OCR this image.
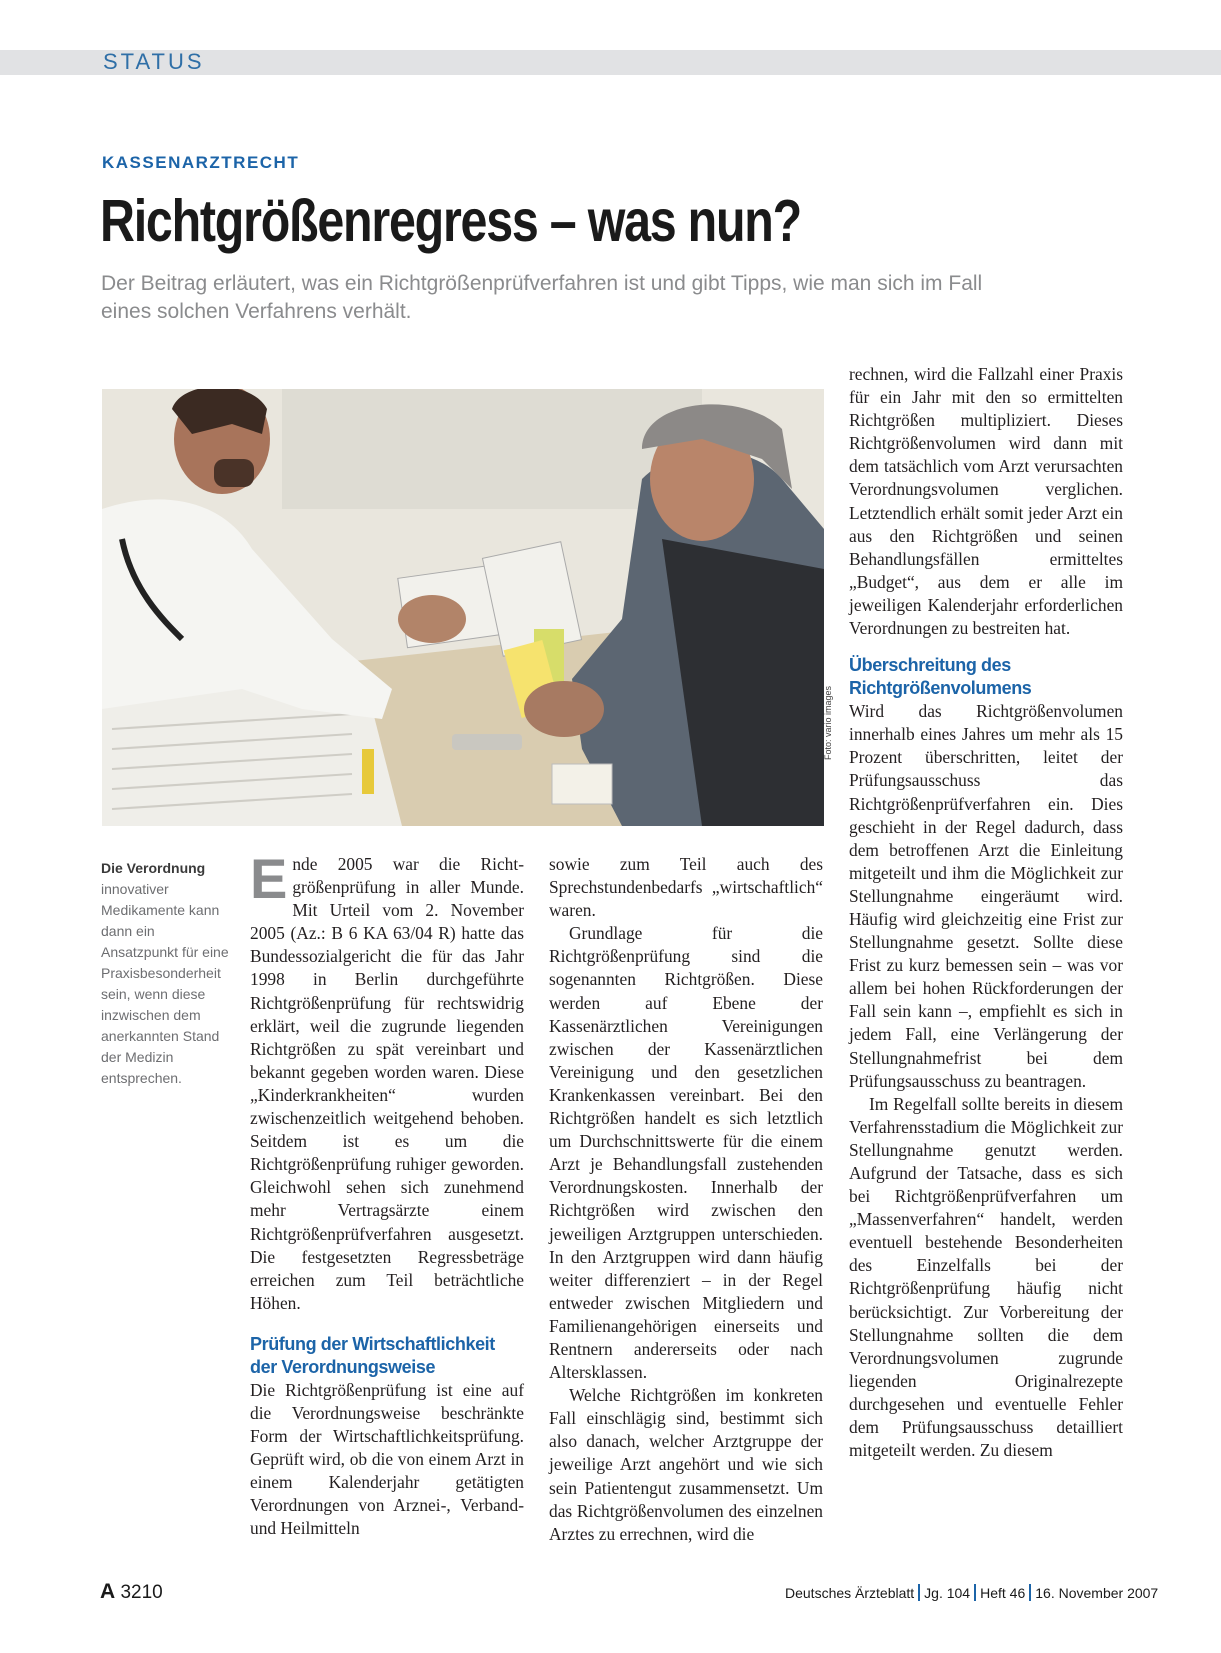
STATUS
KASSENARZTRECHT
Richtgrößenregress – was nun?
Der Beitrag erläutert, was ein Richtgrößenprüfverfahren ist und gibt Tipps, wie man sich im Fall eines solchen Verfahrens verhält.
Foto: vario images
Die Verordnung
innovativer Medikamente kann dann ein Ansatzpunkt für eine Praxisbesonderheit sein, wenn diese inzwischen dem anerkannten Stand der Medizin entsprechen.
E nde 2005 war die Richtgrößenprüfung in aller Munde. Mit Urteil vom 2. November 2005 (Az.: B 6 KA 63/04 R) hatte das Bundessozialgericht die für das Jahr 1998 in Berlin durchgeführte Richtgrößenprüfung für rechtswidrig erklärt, weil die zugrunde liegenden Richtgrößen zu spät vereinbart und bekannt gegeben worden waren. Diese „Kinderkrankheiten“ wurden zwischenzeitlich weitgehend behoben. Seitdem ist es um die Richtgrößenprüfung ruhiger geworden. Gleichwohl sehen sich zunehmend mehr Vertragsärzte einem Richtgrößenprüfverfahren ausgesetzt. Die festgesetzten Regressbeträge erreichen zum Teil beträchtliche Höhen.

Prüfung der Wirtschaftlichkeit der Verordnungsweise

Die Richtgrößenprüfung ist eine auf die Verordnungsweise beschränkte Form der Wirtschaftlichkeitsprüfung. Geprüft wird, ob die von einem Arzt in einem Kalenderjahr getätigten Verordnungen von Arznei-, Verband- und Heilmitteln

sowie zum Teil auch des Sprechstundenbedarfs „wirtschaftlich“ waren.

Grundlage für die Richtgrößenprüfung sind die sogenannten Richtgrößen. Diese werden auf Ebene der Kassenärztlichen Vereinigungen zwischen der Kassenärztlichen Vereinigung und den gesetzlichen Krankenkassen vereinbart. Bei den Richtgrößen handelt es sich letztlich um Durchschnittswerte für die einem Arzt je Behandlungsfall zustehenden Verordnungskosten. Innerhalb der Richtgrößen wird zwischen den jeweiligen Arztgruppen unterschieden. In den Arztgruppen wird dann häufig weiter differenziert – in der Regel entweder zwischen Mitgliedern und Familienangehörigen einerseits und Rentnern andererseits oder nach Altersklassen.

Welche Richtgrößen im konkreten Fall einschlägig sind, bestimmt sich also danach, welcher Arztgruppe der jeweilige Arzt angehört und wie sich sein Patientengut zusammensetzt. Um das Richtgrößenvolumen des einzelnen Arztes zu errechnen, wird die

rechnen, wird die Fallzahl einer Praxis für ein Jahr mit den so ermittelten Richtgrößen multipliziert. Dieses Richtgrößenvolumen wird dann mit dem tatsächlich vom Arzt verursachten Verordnungsvolumen verglichen. Letztendlich erhält somit jeder Arzt ein aus den Richtgrößen und seinen Behandlungsfällen ermitteltes „Budget“, aus dem er alle im jeweiligen Kalenderjahr erforderlichen Verordnungen zu bestreiten hat.

Überschreitung des Richtgrößenvolumens

Wird das Richtgrößenvolumen innerhalb eines Jahres um mehr als 15 Prozent überschritten, leitet der Prüfungsausschuss das Richtgrößenprüfverfahren ein. Dies geschieht in der Regel dadurch, dass dem betroffenen Arzt die Einleitung mitgeteilt und ihm die Möglichkeit zur Stellungnahme eingeräumt wird. Häufig wird gleichzeitig eine Frist zur Stellungnahme gesetzt. Sollte diese Frist zu kurz bemessen sein – was vor allem bei hohen Rückforderungen der Fall sein kann –, empfiehlt es sich in jedem Fall, eine Verlängerung der Stellungnahmefrist bei dem Prüfungsausschuss zu beantragen.

Im Regelfall sollte bereits in diesem Verfahrensstadium die Möglichkeit zur Stellungnahme genutzt werden. Aufgrund der Tatsache, dass es sich bei Richtgrößenprüfverfahren um „Massenverfahren“ handelt, werden eventuell bestehende Besonderheiten des Einzelfalls bei der Richtgrößenprüfung häufig nicht berücksichtigt. Zur Vorbereitung der Stellungnahme sollten die dem Verordnungsvolumen zugrunde liegenden Originalrezepte durchgesehen und eventuelle Fehler dem Prüfungsausschuss detailliert mitgeteilt werden. Zu diesem

A 3210	Deutsches Ärzteblatt Jg. 104 Heft 46 16. November 2007
